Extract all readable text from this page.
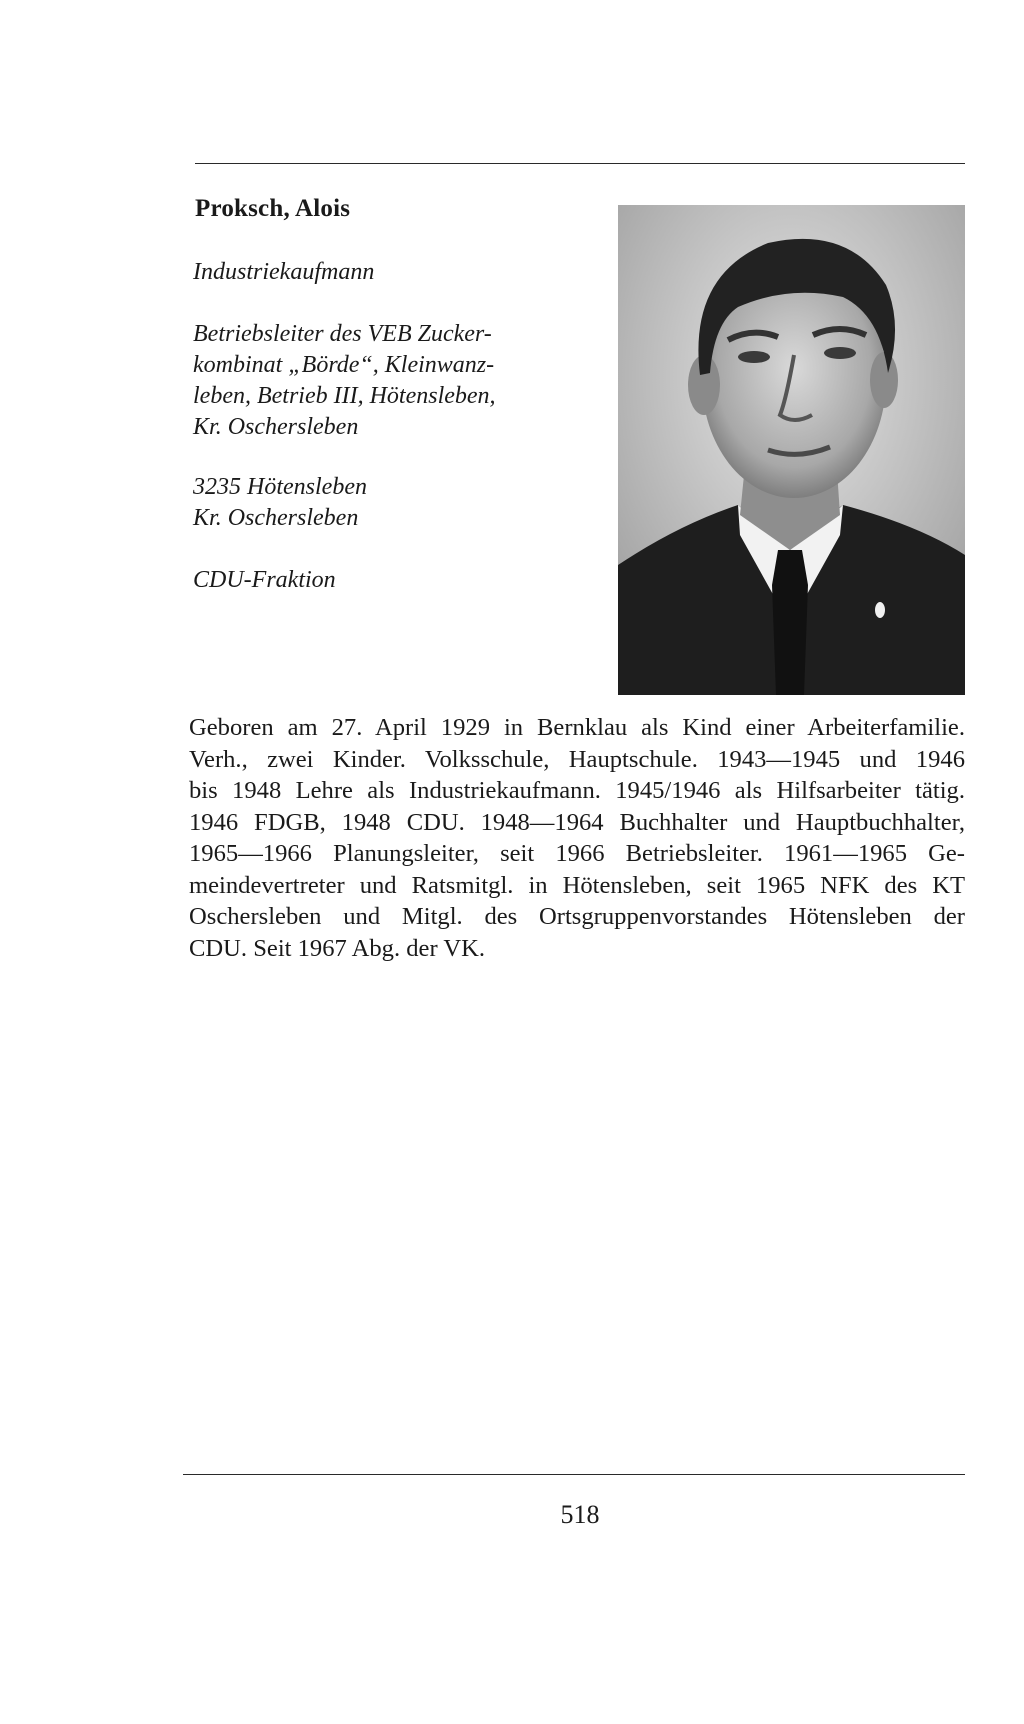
Proksch, Alois
Industriekaufmann
Betriebsleiter des VEB Zucker-
kombinat „Börde“, Kleinwanz-
leben, Betrieb III, Hötensleben,
Kr. Oschersleben
3235 Hötensleben
Kr. Oschersleben
CDU-Fraktion
Geboren am 27. April 1929 in Bernklau als Kind einer Arbeiterfamilie.
Verh., zwei Kinder. Volksschule, Hauptschule. 1943—1945 und 1946
bis 1948 Lehre als Industriekaufmann. 1945/1946 als Hilfsarbeiter tätig.
1946 FDGB, 1948 CDU. 1948—1964 Buchhalter und Hauptbuchhalter,
1965—1966 Planungsleiter, seit 1966 Betriebsleiter. 1961—1965 Ge-
meindevertreter und Ratsmitgl. in Hötensleben, seit 1965 NFK des KT
Oschersleben und Mitgl. des Ortsgruppenvorstandes Hötensleben der
CDU. Seit 1967 Abg. der VK.
518
